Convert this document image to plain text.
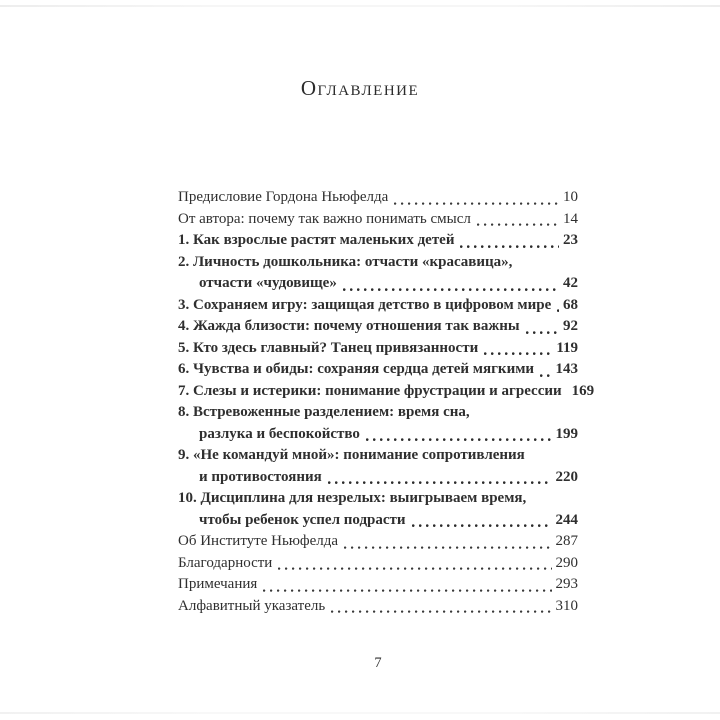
Оглавление
Предисловие Гордона Ньюфелда	10
От автора: почему так важно понимать смысл	14
1. Как взрослые растят маленьких детей	23
2. Личность дошкольника: отчасти «красавица»,
отчасти «чудовище»	42
3. Сохраняем игру: защищая детство в цифровом мире 68
4. Жажда близости: почему отношения так важны	92
5. Кто здесь главный? Танец привязанности	119
6. Чувства и обиды: сохраняя сердца детей мягкими 143
7. Слезы и истерики: понимание фрустрации и агрессии 169
8. Встревоженные разделением: время сна,
разлука и беспокойство	199
9. «Не командуй мной»: понимание сопротивления
и противостояния	220
10. Дисциплина для незрелых: выигрываем время,
чтобы ребенок успел подрасти	244
Об Институте Ньюфелда	287
Благодарности	290
Примечания	293
Алфавитный указатель	310
7
